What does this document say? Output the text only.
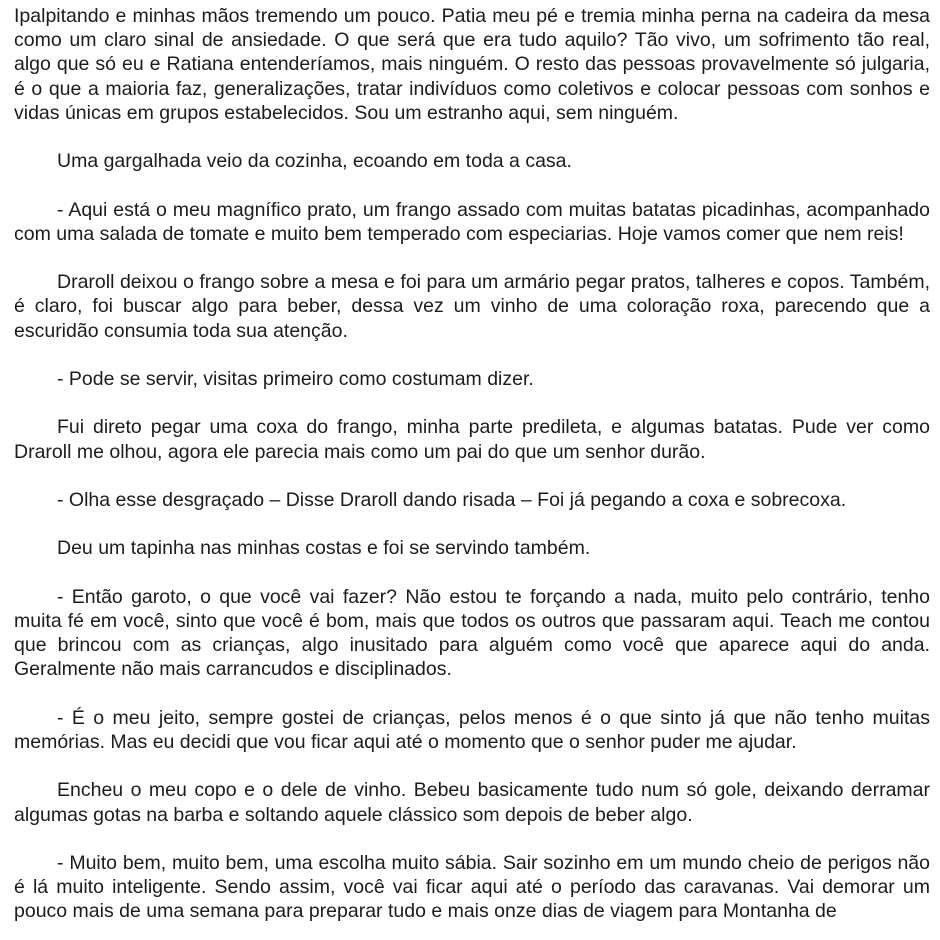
Ipalpitando e minhas mãos tremendo um pouco. Patia meu pé e tremia minha perna na cadeira da mesa como um claro sinal de ansiedade. O que será que era tudo aquilo? Tão vivo, um sofrimento tão real, algo que só eu e Ratiana entenderíamos, mais ninguém. O resto das pessoas provavelmente só julgaria, é o que a maioria faz, generalizações, tratar indivíduos como coletivos e colocar pessoas com sonhos e vidas únicas em grupos estabelecidos. Sou um estranho aqui, sem ninguém.

Uma gargalhada veio da cozinha, ecoando em toda a casa.

- Aqui está o meu magnífico prato, um frango assado com muitas batatas picadinhas, acompanhado com uma salada de tomate e muito bem temperado com especiarias. Hoje vamos comer que nem reis!

Draroll deixou o frango sobre a mesa e foi para um armário pegar pratos, talheres e copos. Também, é claro, foi buscar algo para beber, dessa vez um vinho de uma coloração roxa, parecendo que a escuridão consumia toda sua atenção.

- Pode se servir, visitas primeiro como costumam dizer.

Fui direto pegar uma coxa do frango, minha parte predileta, e algumas batatas. Pude ver como Draroll me olhou, agora ele parecia mais como um pai do que um senhor durão.

- Olha esse desgraçado – Disse Draroll dando risada – Foi já pegando a coxa e sobrecoxa.

Deu um tapinha nas minhas costas e foi se servindo também.

- Então garoto, o que você vai fazer? Não estou te forçando a nada, muito pelo contrário, tenho muita fé em você, sinto que você é bom, mais que todos os outros que passaram aqui. Teach me contou que brincou com as crianças, algo inusitado para alguém como você que aparece aqui do anda. Geralmente não mais carrancudos e disciplinados.

- É o meu jeito, sempre gostei de crianças, pelos menos é o que sinto já que não tenho muitas memórias. Mas eu decidi que vou ficar aqui até o momento que o senhor puder me ajudar.

Encheu o meu copo e o dele de vinho. Bebeu basicamente tudo num só gole, deixando derramar algumas gotas na barba e soltando aquele clássico som depois de beber algo.

- Muito bem, muito bem, uma escolha muito sábia. Sair sozinho em um mundo cheio de perigos não é lá muito inteligente. Sendo assim, você vai ficar aqui até o período das caravanas. Vai demorar um pouco mais de uma semana para preparar tudo e mais onze dias de viagem para Montanha de
